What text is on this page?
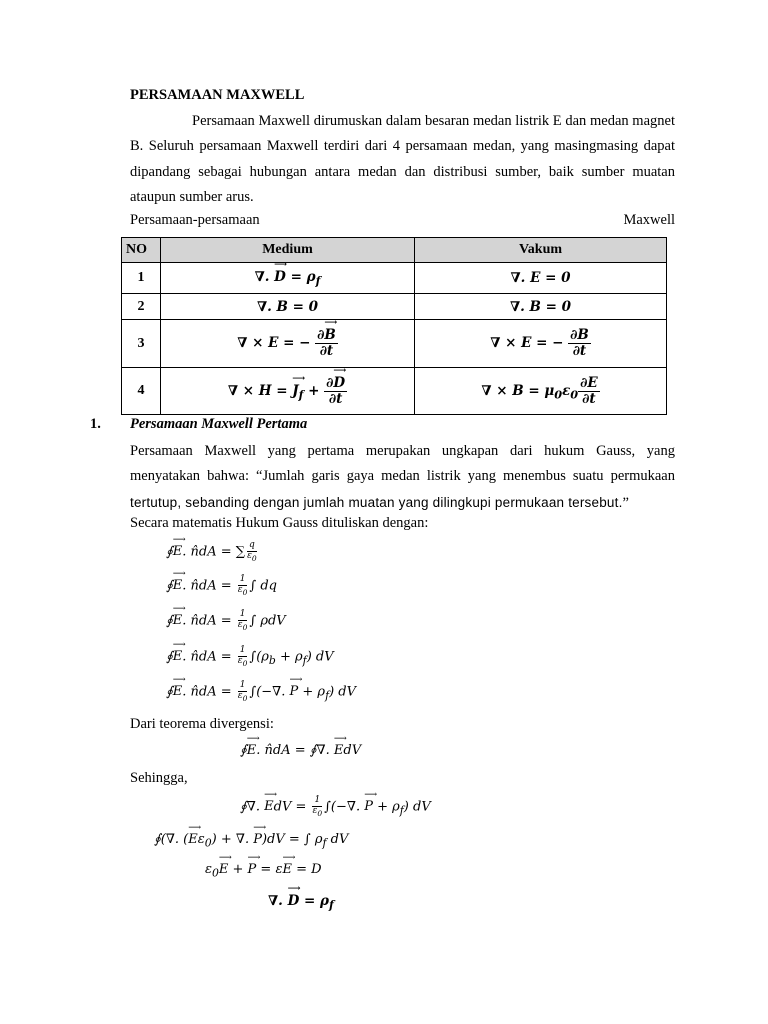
PERSAMAAN MAXWELL
Persamaan Maxwell dirumuskan dalam besaran medan listrik E dan medan magnet B. Seluruh persamaan Maxwell terdiri dari 4 persamaan medan, yang masingmasing dapat dipandang sebagai hubungan antara medan dan distribusi sumber, baik sumber muatan ataupun sumber arus.
Persamaan-persamaan	Maxwell
NO	Medium	Vakum
1	∇. ⟶ $D = \rho_f$	∇. E = 0
2	∇. B = 0	∇. B = 0
3	∇ × E = − $\frac{\partial⟶ B}{\partial t}$	∇ × E = − $\frac{\partial B}{\partial t}$

4	∇ × H = ⟶ $J_f + \frac{\partial⟶ D}{\partial t}$	∇ × $B = \mu_0\varepsilon_0 \frac{\partial E}{\partial t}$
1. Persamaan Maxwell Pertama
Persamaan Maxwell yang pertama merupakan ungkapan dari hukum Gauss, yang menyatakan bahwa: “Jumlah garis gaya medan listrik yang menembus suatu permukaan tertutup, sebanding dengan jumlah muatan yang dilingkupi permukaan tersebut.”
Secara matematis Hukum Gauss dituliskan dengan:
∮⟶ E. n̂dA = ∑ $\frac{q}{\varepsilon_0}$
∮⟶ E. n̂dA = $\frac{1}{\varepsilon_0}$ ∫ dq
∮⟶ E. n̂dA = $\frac{1}{\varepsilon_0}$ ∫ ρdV
∮⟶ E. n̂dA = $\frac{1}{\varepsilon_0} \int(\rho_b + \rho_f)$ dV
∮⟶ E. n̂dA = $\frac{1}{\varepsilon_0}$ ∫(−∇. ⟶ $P + \rho_f$) dV
Dari teorema divergensi:
∮⟶ E. n̂dA = ∮∇. ⟶ EdV
Sehingga,
∮∇. ⟶ EdV = $\frac{1}{\varepsilon_0}$ ∫(−∇. ⟶ $P + \rho_f$) dV
∮(∇. (⟶ $E\varepsilon_0$) + ∇. ⟶ P)dV = ∫ $\rho_f$ dV
$\varepsilon_0⟶$ E + ⟶ P = ε⟶ E = D
∇. ⟶ $D = \rho_f$
